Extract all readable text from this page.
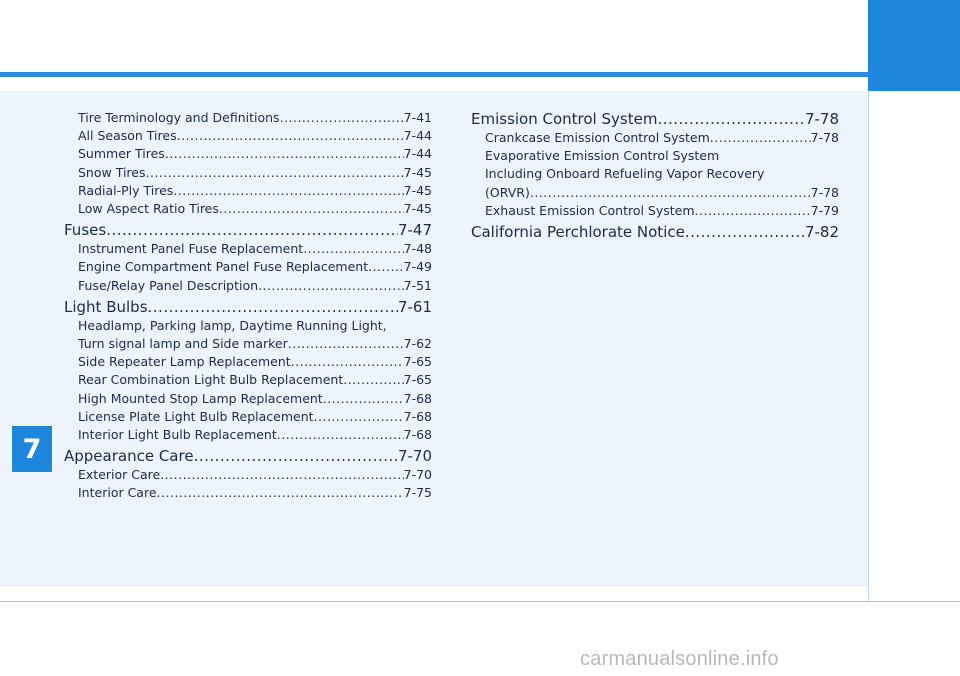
7
Tire Terminology and Definitions .....	7-41
All Season Tires .....	7-44
Summer Tires .....	7-44
Snow Tires .....	7-45
Radial-Ply Tires .....	7-45
Low Aspect Ratio Tires .....	7-45
Fuses .....	7-47
Instrument Panel Fuse Replacement .....	7-48
Engine Compartment Panel Fuse Replacement .....	7-49
Fuse/Relay Panel Description .....	7-51
Light Bulbs .....	7-61
Headlamp, Parking lamp, Daytime Running Light,
Turn signal lamp and Side marker .....	7-62
Side Repeater Lamp Replacement .....	7-65
Rear Combination Light Bulb Replacement .....	7-65
High Mounted Stop Lamp Replacement .....	7-68
License Plate Light Bulb Replacement .....	7-68
Interior Light Bulb Replacement .....	7-68
Appearance Care .....	7-70
Exterior Care .....	7-70
Interior Care .....	7-75
Emission Control System .....	7-78
Crankcase Emission Control System .....	7-78
Evaporative Emission Control System
Including Onboard Refueling Vapor Recovery
(ORVR) .....	7-78
Exhaust Emission Control System .....	7-79
California Perchlorate Notice .....	7-82
carmanualsonline.info
